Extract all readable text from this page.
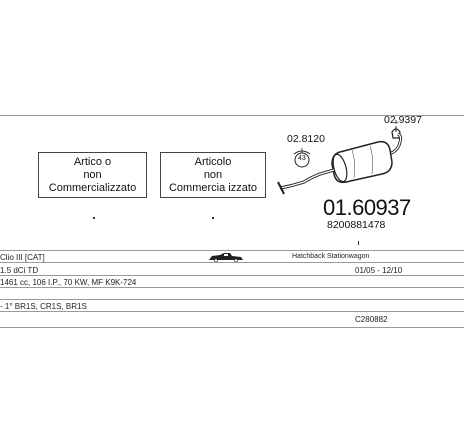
Artico o
non
Commercializzato
Articolo
non
Commercia izzato
43
02.8120
02.9397
01.60937
8200881478
Clio III [CAT]	Hatchback Stationwagon
1.5 dCi TD	01/05 - 12/10
1461 cc, 106 I.P., 70 KW, MF K9K-724
- 1° BR1S, CR1S, BR1S
C280882
